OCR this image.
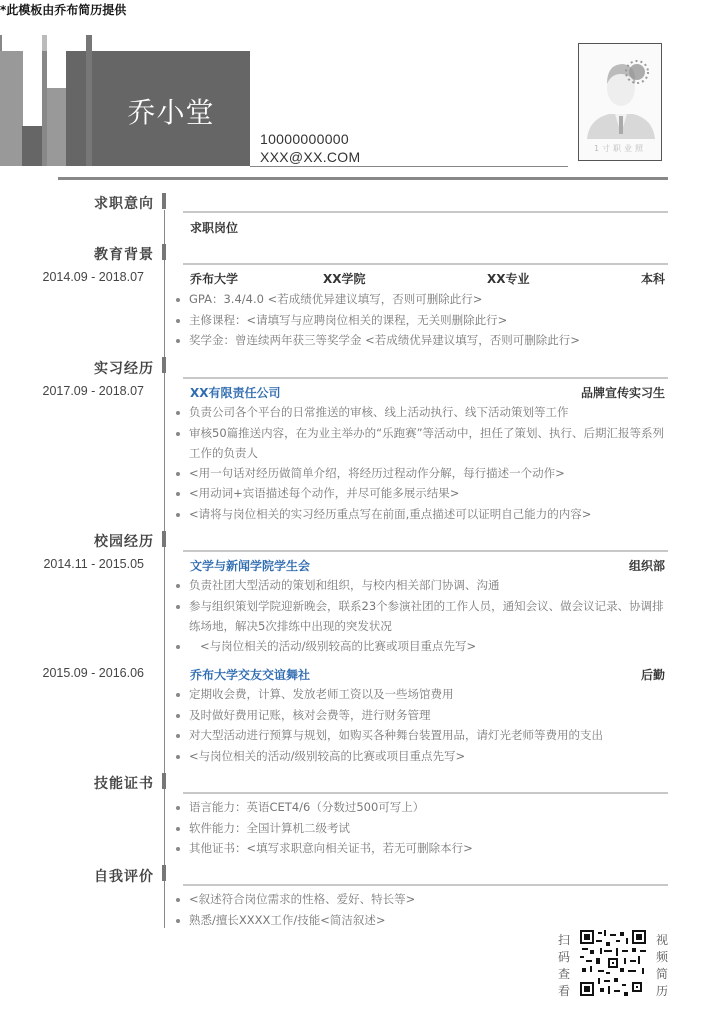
*此模板由乔布简历提供
乔小堂
10000000000
XXX@XX.COM
1寸职业照
求职意向
求职岗位
教育背景
2014.09 - 2018.07	乔布大学	XX学院	XX专业	本科
GPA：3.4/4.0 <若成绩优异建议填写，否则可删除此行>
主修课程：<请填写与应聘岗位相关的课程，无关则删除此行>
奖学金：曾连续两年获三等奖学金 <若成绩优异建议填写，否则可删除此行>
实习经历
2017.09 - 2018.07	XX有限责任公司	品牌宣传实习生
负责公司各个平台的日常推送的审核、线上活动执行、线下活动策划等工作
审核50篇推送内容，在为业主举办的“乐跑赛”等活动中，担任了策划、执行、后期汇报等系列工作的负责人
<用一句话对经历做简单介绍，将经历过程动作分解，每行描述一个动作>
<用动词+宾语描述每个动作，并尽可能多展示结果>
<请将与岗位相关的实习经历重点写在前面,重点描述可以证明自己能力的内容>
校园经历
2014.11 - 2015.05	文学与新闻学院学生会	组织部
负责社团大型活动的策划和组织，与校内相关部门协调、沟通
参与组织策划学院迎新晚会，联系23个参演社团的工作人员，通知会议、做会议记录、协调排练场地，解决5次排练中出现的突发状况
<与岗位相关的活动/级别较高的比赛或项目重点先写>
2015.09 - 2016.06	乔布大学交友交谊舞社	后勤
定期收会费，计算、发放老师工资以及一些场馆费用
及时做好费用记账，核对会费等，进行财务管理
对大型活动进行预算与规划，如购买各种舞台装置用品，请灯光老师等费用的支出
<与岗位相关的活动/级别较高的比赛或项目重点先写>
技能证书
语言能力：英语CET4/6（分数过500可写上）
软件能力：全国计算机二级考试
其他证书：<填写求职意向相关证书，若无可删除本行>
自我评价
<叙述符合岗位需求的性格、爱好、特长等>
熟悉/擅长XXXX工作/技能<简洁叙述>
扫
码
查
看
视
频
简
历
